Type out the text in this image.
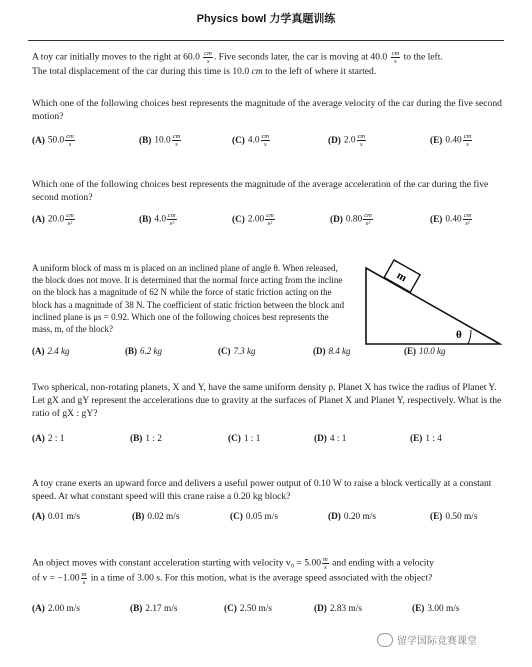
Physics bowl 力学真题训练
A toy car initially moves to the right at $60.0 \frac{cm}{s}$ . Five seconds later, the car is moving at $40.0 \frac{cm}{s}$ to the left.
The total displacement of the car during this time is 10.0 cm to the left of where it started.
Which one of the following choices best represents the magnitude of the average velocity of the car during the five second motion?
(A) $50.0 \frac{cm}{s}$	(B) $10.0 \frac{cm}{s}$	(C) $4.0 \frac{cm}{s}$	(D) $2.0 \frac{cm}{s}$	(E) $0.40 \frac{cm}{s}$
Which one of the following choices best represents the magnitude of the average acceleration of the car during the five second motion?
(A) $20.0 \frac{cm}{\text{s²}}$	(B) $4.0 \frac{cm}{\text{s²}}$	(C) $2.00 \frac{cm}{\text{s²}}$	(D) $0.80 \frac{cm}{\text{s²}}$	(E) $0.40 \frac{cm}{\text{s²}}$
A uniform block of mass m is placed on an inclined plane of angle θ. When released, the block does not move. It is determined that the normal force acting from the incline on the block has a magnitude of 62 N while the force of static friction acting on the block has a magnitude of 38 N. The coefficient of static friction between the block and inclined plane is μs = 0.92. Which one of the following choices best represents the mass, m, of the block?
m
θ
(A) 2.4 kg	(B) 6.2 kg	(C) 7.3 kg	(D) 8.4 kg	(E) 10.0 kg
Two spherical, non-rotating planets, X and Y, have the same uniform density ρ. Planet X has twice the radius of Planet Y. Let gX and gY represent the accelerations due to gravity at the surfaces of Planet X and Planet Y, respectively. What is the ratio of gX : gY?
(A) 2 : 1	(B) 1 : 2	(C) 1 : 1	(D) 4 : 1	(E) 1 : 4
A toy crane exerts an upward force and delivers a useful power output of 0.10 W to raise a block vertically at a constant speed. At what constant speed will this crane raise a 0.20 kg block?
(A) 0.01 m/s	(B) 0.02 m/s	(C) 0.05 m/s	(D) 0.20 m/s	(E) 0.50 m/s
An object moves with constant acceleration starting with velocity $v_0 = 5.00 \frac{m}{s}$ and ending with a velocity
of $v = -1.00 \frac{m}{s}$ in a time of 3.00 s. For this motion, what is the average speed associated with the object?
(A) 2.00 m/s	(B) 2.17 m/s	(C) 2.50 m/s	(D) 2.83 m/s	(E) 3.00 m/s
留学国际竞赛课堂
